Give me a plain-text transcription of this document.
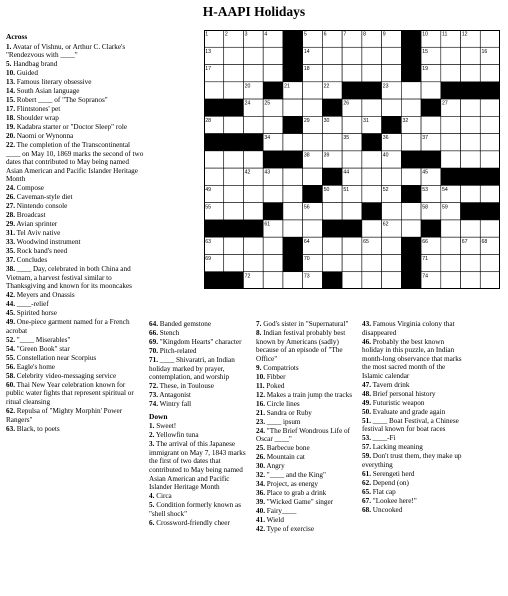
H-AAPI Holidays
1	2	3	4	5	6	7	8	9	10	11	12
13	14	15	16
17	18	19
20	21	22	23
24	25	26	27
28	29	30	31	32
33	34	35	36	37
38	39	40	41
42	43	44	45	46	47	48
49	50	51	52	53	54
55	56	57	58	59
60	61	62
63	64	65	66	67	68
69	70	71
72	73	74
Across
1. Avatar of Vishnu, or Arthur C. Clarke's "Rendezvous with ____"
5. Handbag brand
10. Guided
13. Famous literary obsessive
14. South Asian language
15. Robert ____ of "The Sopranos"
17. Flintstones' pet
18. Shoulder wrap
19. Kadabra starter or "Doctor Sleep" role
20. Naomi or Wynonna
22. The completion of the Transcontinental ____ on May 10, 1869 marks the second of two dates that contributed to May being named Asian American and Pacific Islander Heritage Month
24. Compose
26. Caveman-style diet
27. Nintendo console
28. Broadcast
29. Avian sprinter
31. Tel Aviv native
33. Woodwind instrument
35. Rock band's need
37. Concludes
38. ____ Day, celebrated in both China and Vietnam, a harvest festival similar to Thanksgiving and known for its mooncakes
42. Meyers and Onassis
44. ____-relief
45. Spirited horse
49. One-piece garment named for a French acrobat
52. "____ Miserables"
54. "Green Book" star
55. Constellation near Scorpius
56. Eagle's home
58. Celebrity video-messaging service
60. Thai New Year celebration known for public water fights that represent spiritual or ritual cleansing
62. Repulsa of "Mighty Morphin' Power Rangers"
63. Black, to poets
64. Banded gemstone
66. Stench
69. "Kingdom Hearts" character
70. Pitch-related
71. ____ Shivaratri, an Indian holiday marked by prayer, contemplation, and worship
72. These, in Toulouse
73. Antagonist
74. Wintry fall
Down
1. Sweet!
2. Yellowfin tuna
3. The arrival of this Japanese immigrant on May 7, 1843 marks the first of two dates that contributed to May being named Asian American and Pacific Islander Heritage Month
4. Circa
5. Condition formerly known as "shell shock"
6. Crossword-friendly cheer
7. God's sister in "Supernatural"
8. Indian festival probably best known by Americans (sadly) because of an episode of "The Office"
9. Compatriots
10. Fibber
11. Poked
12. Makes a train jump the tracks
16. Circle lines
21. Sandra or Ruby
23. ____ ipsum
24. "The Brief Wondrous Life of Oscar ____"
25. Barbecue bone
26. Mountain cat
30. Angry
32. "____ and the King"
34. Project, as energy
36. Place to grab a drink
39. "Wicked Game" singer
40. Fairy____
41. Wield
42. Type of exercise
43. Famous Virginia colony that disappeared
46. Probably the best known holiday in this puzzle, an Indian month-long observance that marks the most sacred month of the Islamic calendar
47. Tavern drink
48. Brief personal history
49. Futuristic weapon
50. Evaluate and grade again
51. ____ Boat Festival, a Chinese festival known for boat races
53. ____-Fi
57. Lacking meaning
59. Don't trust them, they make up everything
61. Serengeti herd
62. Depend (on)
65. Flat cap
67. "Lookee here!"
68. Uncooked
